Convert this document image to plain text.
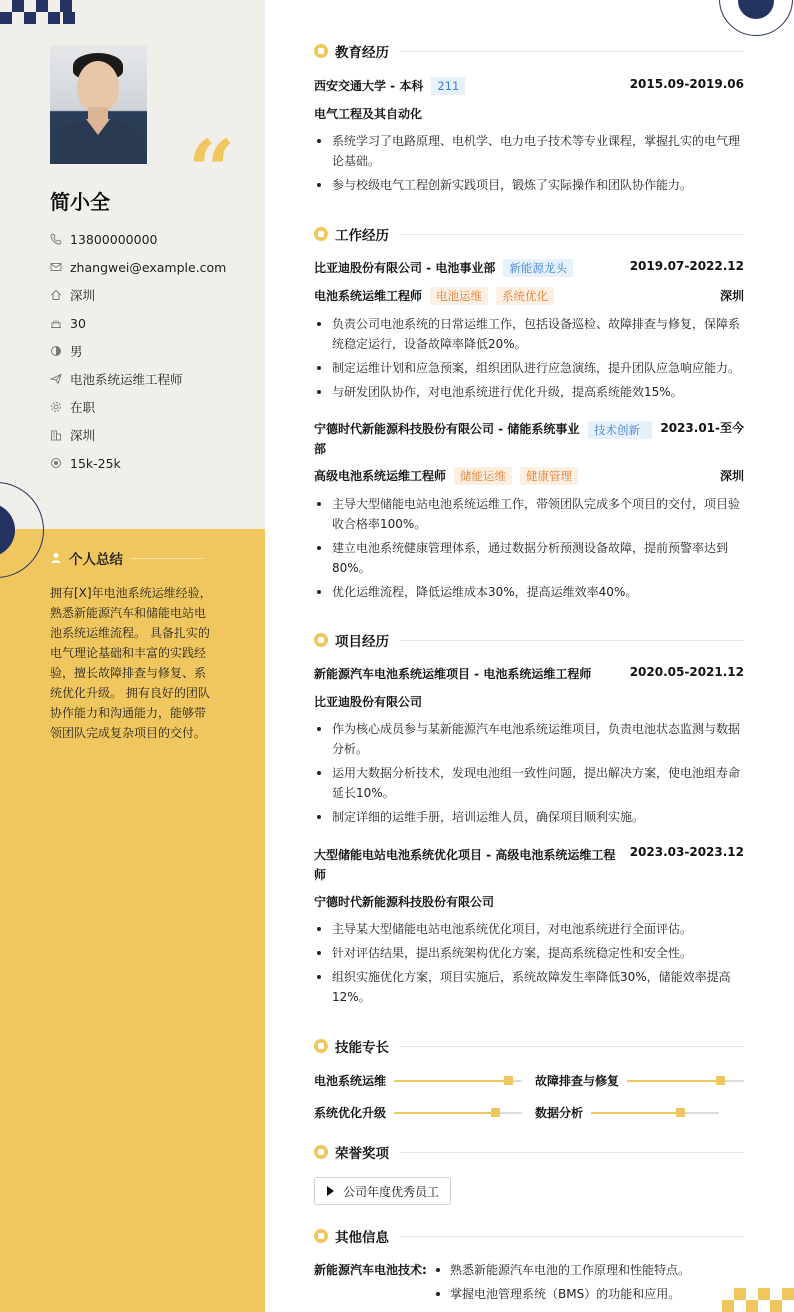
“
简小全
13800000000
zhangwei@example.com
深圳
30
男
电池系统运维工程师
在职
深圳
15k-25k
个人总结
拥有[X]年电池系统运维经验，熟悉新能源汽车和储能电站电池系统运维流程。 具备扎实的电气理论基础和丰富的实践经验，擅长故障排查与修复、系统优化升级。 拥有良好的团队协作能力和沟通能力，能够带领团队完成复杂项目的交付。
教育经历
西安交通大学 - 本科	211	2015.09-2019.06
电气工程及其自动化
系统学习了电路原理、电机学、电力电子技术等专业课程，掌握扎实的电气理论基础。
参与校级电气工程创新实践项目，锻炼了实际操作和团队协作能力。
工作经历
比亚迪股份有限公司 - 电池事业部	新能源龙头	2019.07-2022.12
电池系统运维工程师	电池运维	系统优化	深圳
负责公司电池系统的日常运维工作，包括设备巡检、故障排查与修复，保障系统稳定运行，设备故障率降低20%。
制定运维计划和应急预案，组织团队进行应急演练，提升团队应急响应能力。
与研发团队协作，对电池系统进行优化升级，提高系统能效15%。
宁德时代新能源科技股份有限公司 - 储能系统事业部
技术创新	2023.01-至今
高级电池系统运维工程师	储能运维	健康管理	深圳
主导大型储能电站电池系统运维工作，带领团队完成多个项目的交付，项目验收合格率100%。
建立电池系统健康管理体系，通过数据分析预测设备故障，提前预警率达到80%。
优化运维流程，降低运维成本30%，提高运维效率40%。
项目经历
新能源汽车电池系统运维项目 - 电池系统运维工程师	2020.05-2021.12
比亚迪股份有限公司
作为核心成员参与某新能源汽车电池系统运维项目，负责电池状态监测与数据分析。
运用大数据分析技术，发现电池组一致性问题，提出解决方案，使电池组寿命延长10%。
制定详细的运维手册，培训运维人员，确保项目顺利实施。
大型储能电站电池系统优化项目 - 高级电池系统运维工程师
2023.03-2023.12
宁德时代新能源科技股份有限公司
主导某大型储能电站电池系统优化项目，对电池系统进行全面评估。
针对评估结果，提出系统架构优化方案，提高系统稳定性和安全性。
组织实施优化方案，项目实施后，系统故障发生率降低30%，储能效率提高12%。
技能专长
电池系统运维	故障排查与修复
系统优化升级	数据分析
荣誉奖项
公司年度优秀员工
其他信息
新能源汽车电池技术:	熟悉新能源汽车电池的工作原理和性能特点。
掌握电池管理系统（BMS）的功能和应用。
